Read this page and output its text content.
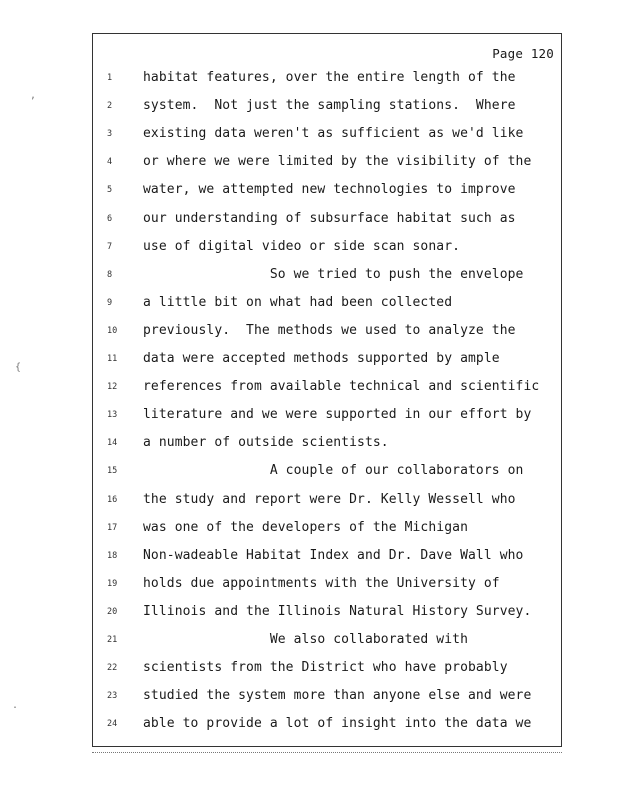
Page 120
1	habitat features, over the entire length of the
2	system.  Not just the sampling stations.  Where
3	existing data weren't as sufficient as we'd like
4	or where we were limited by the visibility of the
5	water, we attempted new technologies to improve
6	our understanding of subsurface habitat such as
7	use of digital video or side scan sonar.
8	So we tried to push the envelope
9	a little bit on what had been collected
10	previously.  The methods we used to analyze the
11	data were accepted methods supported by ample
12	references from available technical and scientific
13	literature and we were supported in our effort by
14	a number of outside scientists.
15	A couple of our collaborators on
16	the study and report were Dr. Kelly Wessell who
17	was one of the developers of the Michigan
18	Non-wadeable Habitat Index and Dr. Dave Wall who
19	holds due appointments with the University of
20	Illinois and the Illinois Natural History Survey.
21	We also collaborated with
22	scientists from the District who have probably
23	studied the system more than anyone else and were
24	able to provide a lot of insight into the data we
,
{
.
